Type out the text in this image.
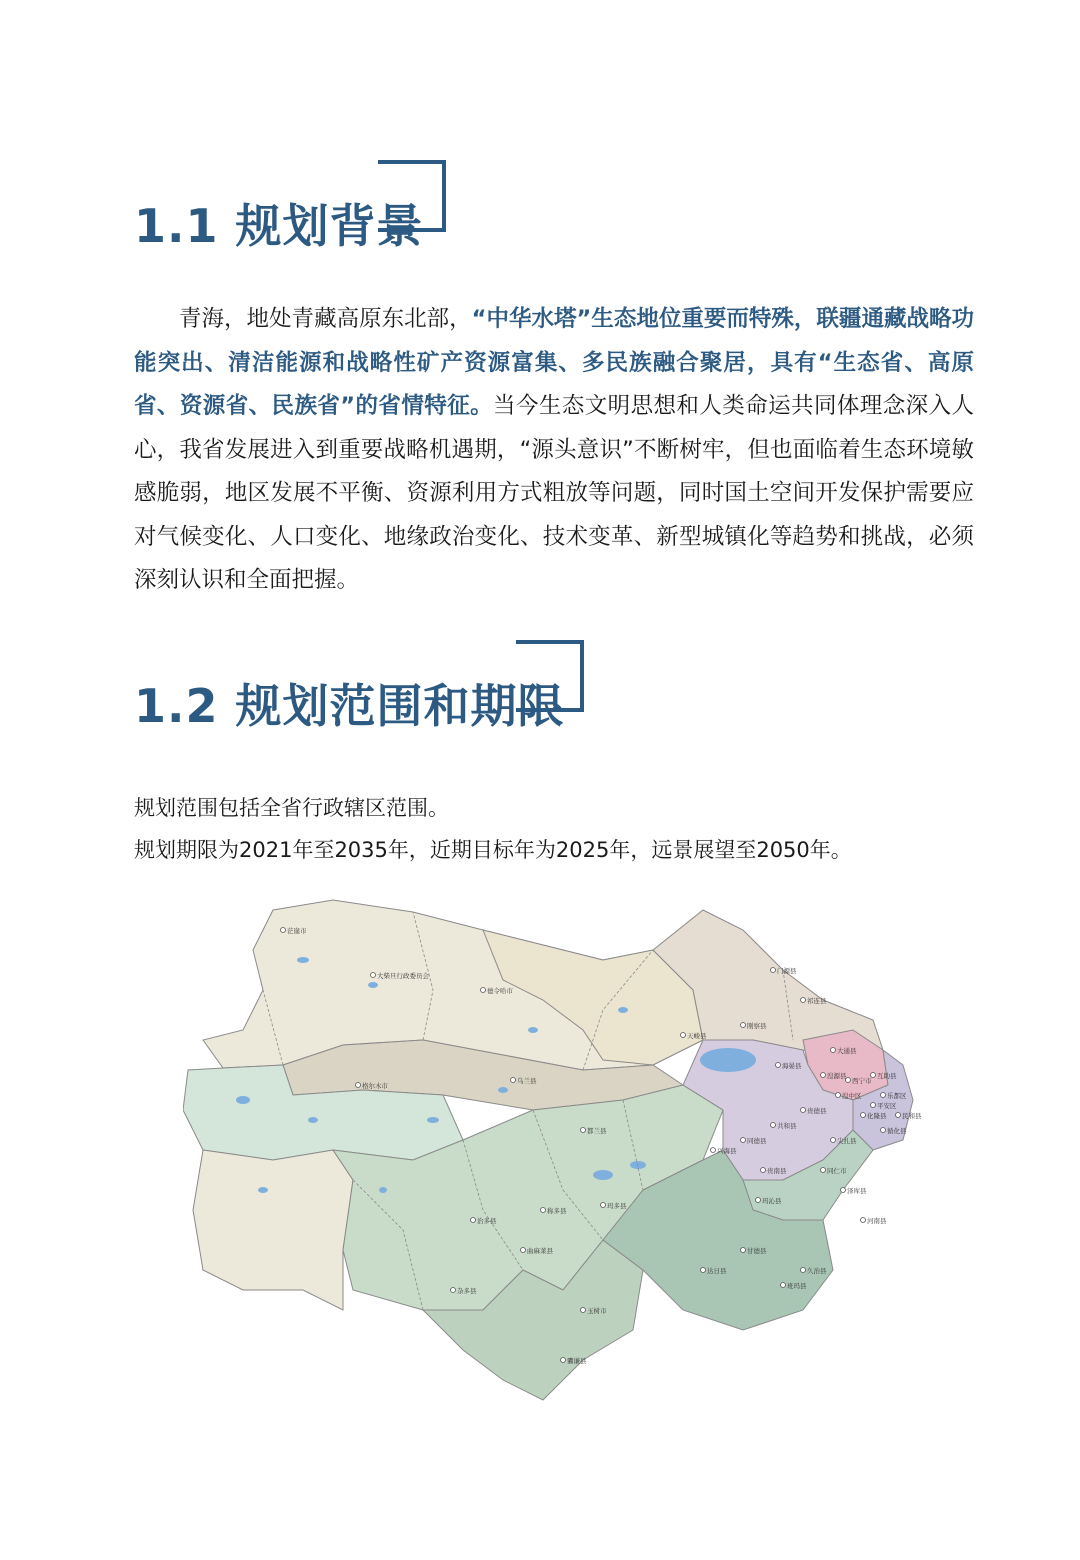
1.1 规划背景
青海，地处青藏高原东北部，“中华水塔”生态地位重要而特殊，联疆通藏战略功能突出、清洁能源和战略性矿产资源富集、多民族融合聚居，具有“生态省、高原省、资源省、民族省”的省情特征。当今生态文明思想和人类命运共同体理念深入人心，我省发展进入到重要战略机遇期，“源头意识”不断树牢，但也面临着生态环境敏感脆弱，地区发展不平衡、资源利用方式粗放等问题，同时国土空间开发保护需要应对气候变化、人口变化、地缘政治变化、技术变革、新型城镇化等趋势和挑战，必须深刻认识和全面把握。
1.2 规划范围和期限
规划范围包括全省行政辖区范围。
规划期限为2021年至2035年，近期目标年为2025年，远景展望至2050年。
茫崖市
大柴旦行政委员会
德令哈市
格尔木市
天峻县
刚察县
门源县
西宁市
共和县
同仁市
玛沁县
玛多县
治多县
玉树市
曲麻莱县
囊谦县
杂多县
称多县
兴海县
贵德县
化隆县
循化县
祁连县
海晏县
乐都区
久治县
班玛县
达日县
甘德县
都兰县
乌兰县
泽库县
河南县
尖扎县
湟源县
大通县
互助县
民和县
平安区
湟中区
同德县
贵南县
